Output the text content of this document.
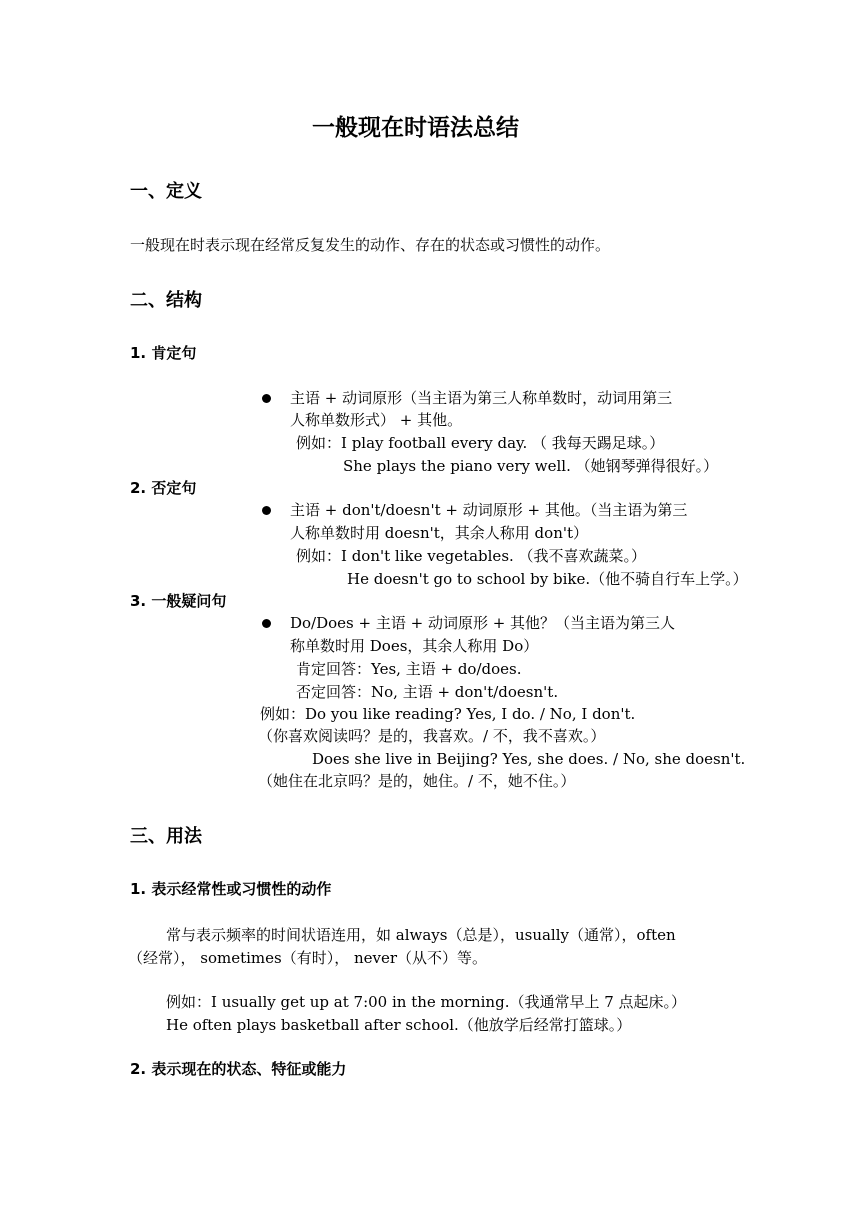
一般现在时语法总结
一、定义
一般现在时表示现在经常反复发生的动作、存在的状态或习惯性的动作。
二、结构
1. 肯定句
主语 + 动词原形（当主语为第三人称单数时，动词用第三
人称单数形式） + 其他。
例如：I play football every day. （ 我每天踢足球。）
She plays the piano very well. （她钢琴弹得很好。）
2. 否定句
主语 + don't/doesn't + 动词原形 + 其他。（当主语为第三
人称单数时用 doesn't，其余人称用 don't）
例如：I don't like vegetables. （我不喜欢蔬菜。）
He doesn't go to school by bike.（他不骑自行车上学。）
3. 一般疑问句
Do/Does + 主语 + 动词原形 + 其他？（当主语为第三人
称单数时用 Does，其余人称用 Do）
肯定回答：Yes, 主语 + do/does.
否定回答：No, 主语 + don't/doesn't.
例如：Do you like reading? Yes, I do. / No, I don't.
（你喜欢阅读吗？是的，我喜欢。/ 不，我不喜欢。）
Does she live in Beijing? Yes, she does. / No, she doesn't.
（她住在北京吗？是的，她住。/ 不，她不住。）
三、用法
1. 表示经常性或习惯性的动作
常与表示频率的时间状语连用，如 always（总是），usually（通常），often
（经常）， sometimes（有时）， never（从不）等。
例如：I usually get up at 7:00 in the morning.（我通常早上 7 点起床。）
He often plays basketball after school.（他放学后经常打篮球。）
2. 表示现在的状态、特征或能力
